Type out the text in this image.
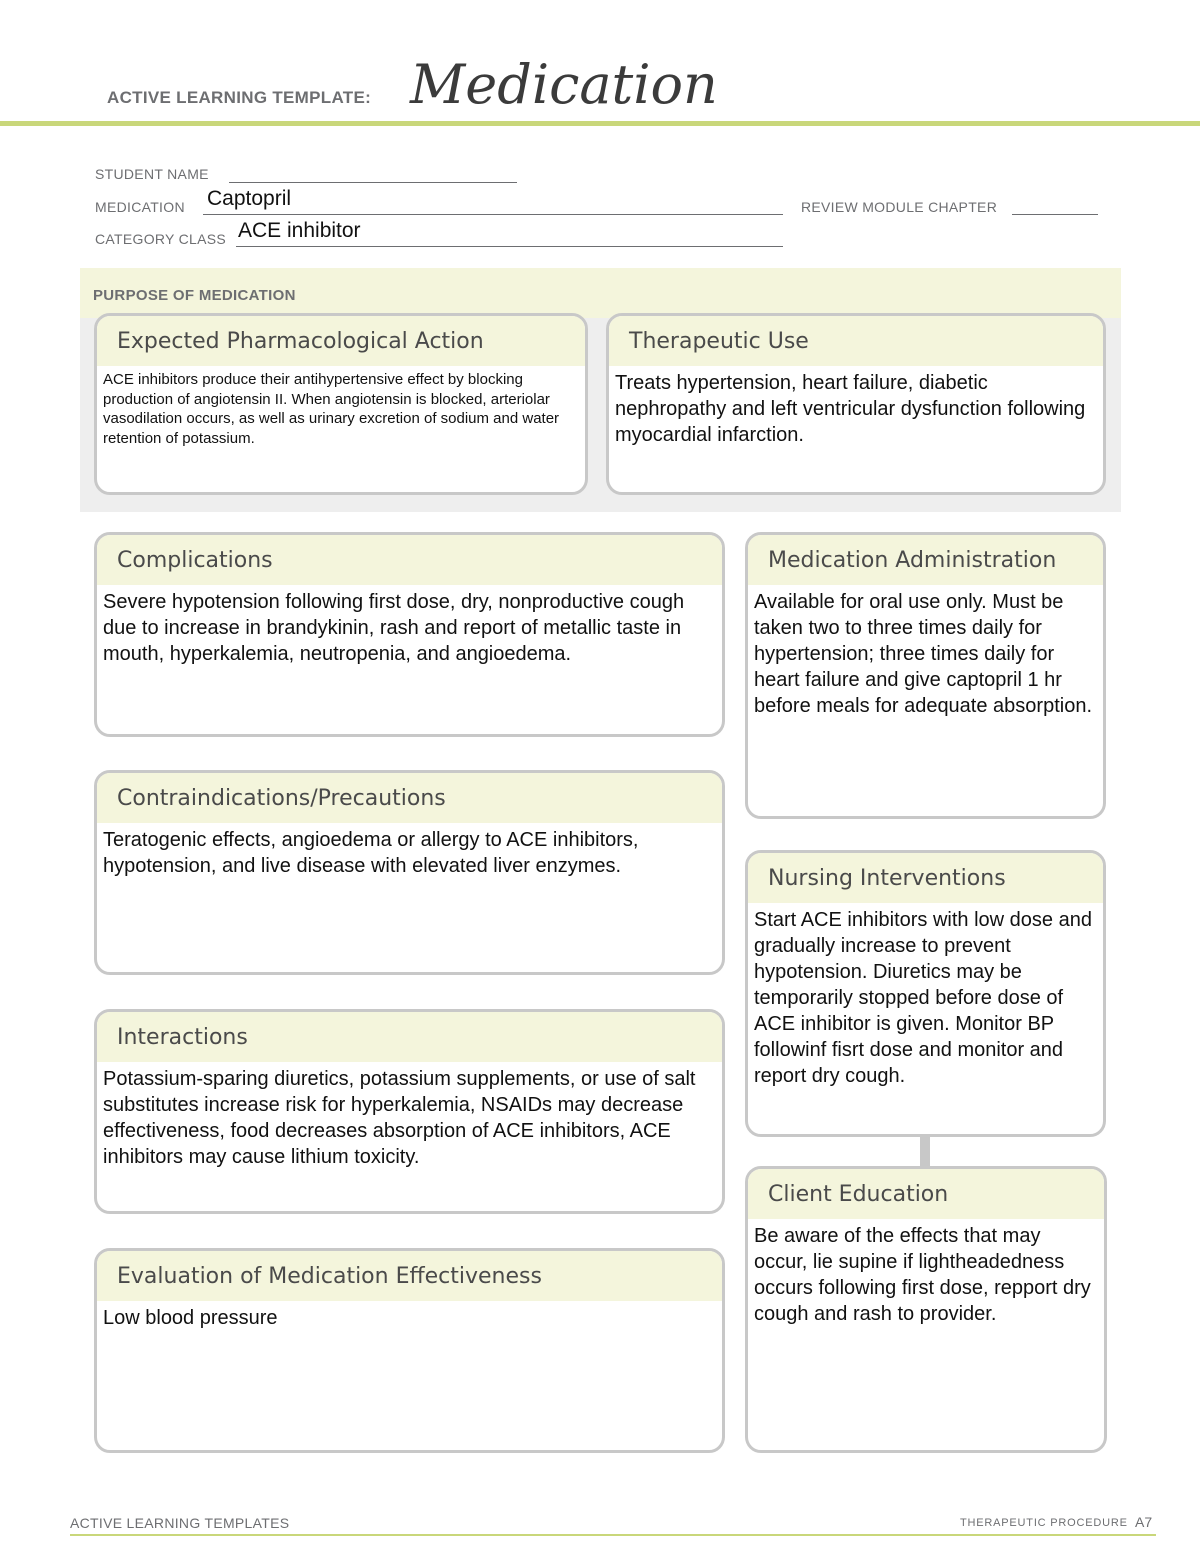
ACTIVE LEARNING TEMPLATE: Medication
STUDENT NAME
MEDICATION Captopril	REVIEW MODULE CHAPTER
CATEGORY CLASS ACE inhibitor
PURPOSE OF MEDICATION
Expected Pharmacological Action
ACE inhibitors produce their antihypertensive effect by blocking production of angiotensin II. When angiotensin is blocked, arteriolar vasodilation occurs, as well as urinary excretion of sodium and water retention of potassium.
Therapeutic Use
Treats hypertension, heart failure, diabetic nephropathy and left ventricular dysfunction following myocardial infarction.
Complications
Severe hypotension following first dose, dry, nonproductive cough due to increase in brandykinin, rash and report of metallic taste in mouth, hyperkalemia, neutropenia, and angioedema.
Contraindications/Precautions
Teratogenic effects, angioedema or allergy to ACE inhibitors, hypotension, and live disease with elevated liver enzymes.
Interactions
Potassium-sparing diuretics, potassium supplements, or use of salt substitutes increase risk for hyperkalemia, NSAIDs may decrease effectiveness, food decreases absorption of ACE inhibitors, ACE inhibitors may cause lithium toxicity.
Evaluation of Medication Effectiveness
Low blood pressure
Medication Administration
Available for oral use only. Must be taken two to three times daily for hypertension; three times daily for heart failure and give captopril 1 hr before meals for adequate absorption.
Nursing Interventions
Start ACE inhibitors with low dose and gradually increase to prevent hypotension. Diuretics may be temporarily stopped before dose of ACE inhibitor is given. Monitor BP followinf fisrt dose and monitor and report dry cough.
Client Education
Be aware of the effects that may occur, lie supine if lightheadedness occurs following first dose, repport dry cough and rash to provider.
ACTIVE LEARNING TEMPLATES	THERAPEUTIC PROCEDURE A7
